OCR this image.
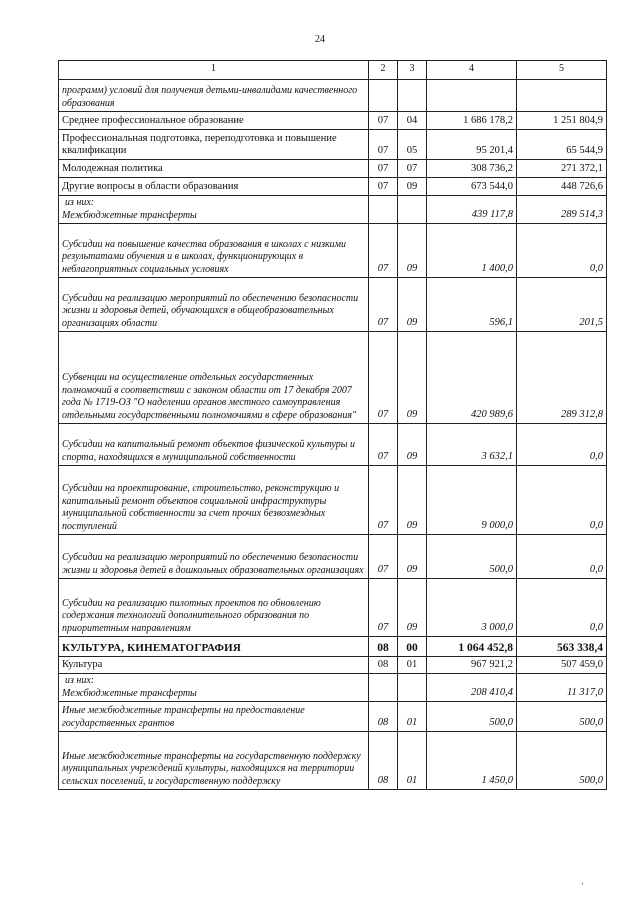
24
1	2	3	4	5
программ) условий для получения детьми-инвалидами качественного образования				
Среднее профессиональное образование	07	04	1 686 178,2	1 251 804,9
Профессиональная подготовка, переподготовка и повышение квалификации	07	05	95 201,4	65 544,9
Молодежная политика	07	07	308 736,2	271 372,1
Другие вопросы в области образования	07	09	673 544,0	448 726,6
из них:
Межбюджетные трансферты			439 117,8	289 514,3
Субсидии на повышение качества образования в школах с низкими результатами обучения и в школах, функционирующих в неблагоприятных социальных условиях	07	09	1 400,0	0,0
Субсидии на реализацию мероприятий по обеспечению безопасности жизни и здоровья детей, обучающихся в общеобразовательных организациях области	07	09	596,1	201,5
Субвенции на осуществление отдельных государственных полномочий в соответствии с законом области от 17 декабря 2007 года № 1719-ОЗ "О наделении органов местного самоуправления отдельными государственными полномочиями в сфере образования"	07	09	420 989,6	289 312,8
Субсидии на капитальный ремонт объектов физической культуры и спорта, находящихся в муниципальной собственности	07	09	3 632,1	0,0
Субсидии на проектирование, строительство, реконструкцию и капитальный ремонт объектов социальной инфраструктуры муниципальной собственности за счет прочих безвозмездных поступлений	07	09	9 000,0	0,0
Субсидии на реализацию мероприятий по обеспечению безопасности жизни и здоровья детей в дошкольных образовательных организациях	07	09	500,0	0,0
Субсидии на реализацию пилотных проектов по обновлению содержания технологий дополнительного образования по приоритетным направлениям	07	09	3 000,0	0,0
КУЛЬТУРА, КИНЕМАТОГРАФИЯ	08	00	1 064 452,8	563 338,4
Культура	08	01	967 921,2	507 459,0
из них:
Межбюджетные трансферты			208 410,4	11 317,0
Иные межбюджетные трансферты на предоставление государственных грантов	08	01	500,0	500,0
Иные межбюджетные трансферты на государственную поддержку муниципальных учреждений культуры, находящихся на территории сельских поселений, и государственную поддержку	08	01	1 450,0	500,0
’
